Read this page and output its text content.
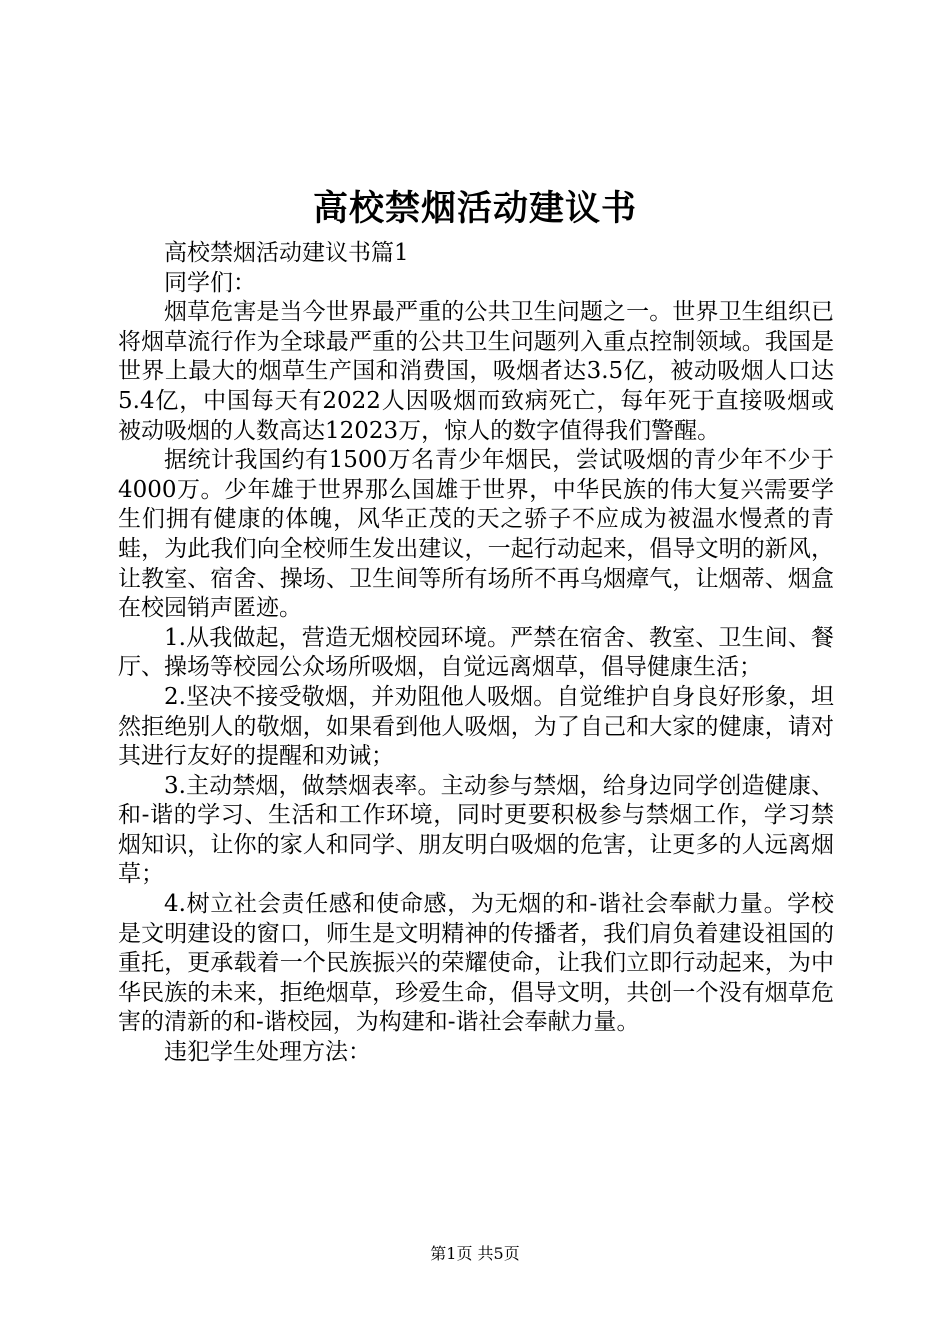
高校禁烟活动建议书

高校禁烟活动建议书篇1

同学们：

烟草危害是当今世界最严重的公共卫生问题之一。世界卫生组织已将烟草流行作为全球最严重的公共卫生问题列入重点控制领域。我国是世界上最大的烟草生产国和消费国，吸烟者达3.5亿，被动吸烟人口达5.4亿，中国每天有2022人因吸烟而致病死亡，每年死于直接吸烟或被动吸烟的人数高达12023万，惊人的数字值得我们警醒。

据统计我国约有1500万名青少年烟民，尝试吸烟的青少年不少于4000万。少年雄于世界那么国雄于世界，中华民族的伟大复兴需要学生们拥有健康的体魄，风华正茂的天之骄子不应成为被温水慢煮的青蛙，为此我们向全校师生发出建议，一起行动起来，倡导文明的新风，让教室、宿舍、操场、卫生间等所有场所不再乌烟瘴气，让烟蒂、烟盒在校园销声匿迹。

1.从我做起，营造无烟校园环境。严禁在宿舍、教室、卫生间、餐厅、操场等校园公众场所吸烟，自觉远离烟草，倡导健康生活；

2.坚决不接受敬烟，并劝阻他人吸烟。自觉维护自身良好形象，坦然拒绝别人的敬烟，如果看到他人吸烟，为了自己和大家的健康，请对其进行友好的提醒和劝诫；

3.主动禁烟，做禁烟表率。主动参与禁烟，给身边同学创造健康、和-谐的学习、生活和工作环境，同时更要积极参与禁烟工作，学习禁烟知识，让你的家人和同学、朋友明白吸烟的危害，让更多的人远离烟草；

4.树立社会责任感和使命感，为无烟的和-谐社会奉献力量。学校是文明建设的窗口，师生是文明精神的传播者，我们肩负着建设祖国的重托，更承载着一个民族振兴的荣耀使命，让我们立即行动起来，为中华民族的未来，拒绝烟草，珍爱生命，倡导文明，共创一个没有烟草危害的清新的和-谐校园，为构建和-谐社会奉献力量。

违犯学生处理方法：

第1页 共5页
